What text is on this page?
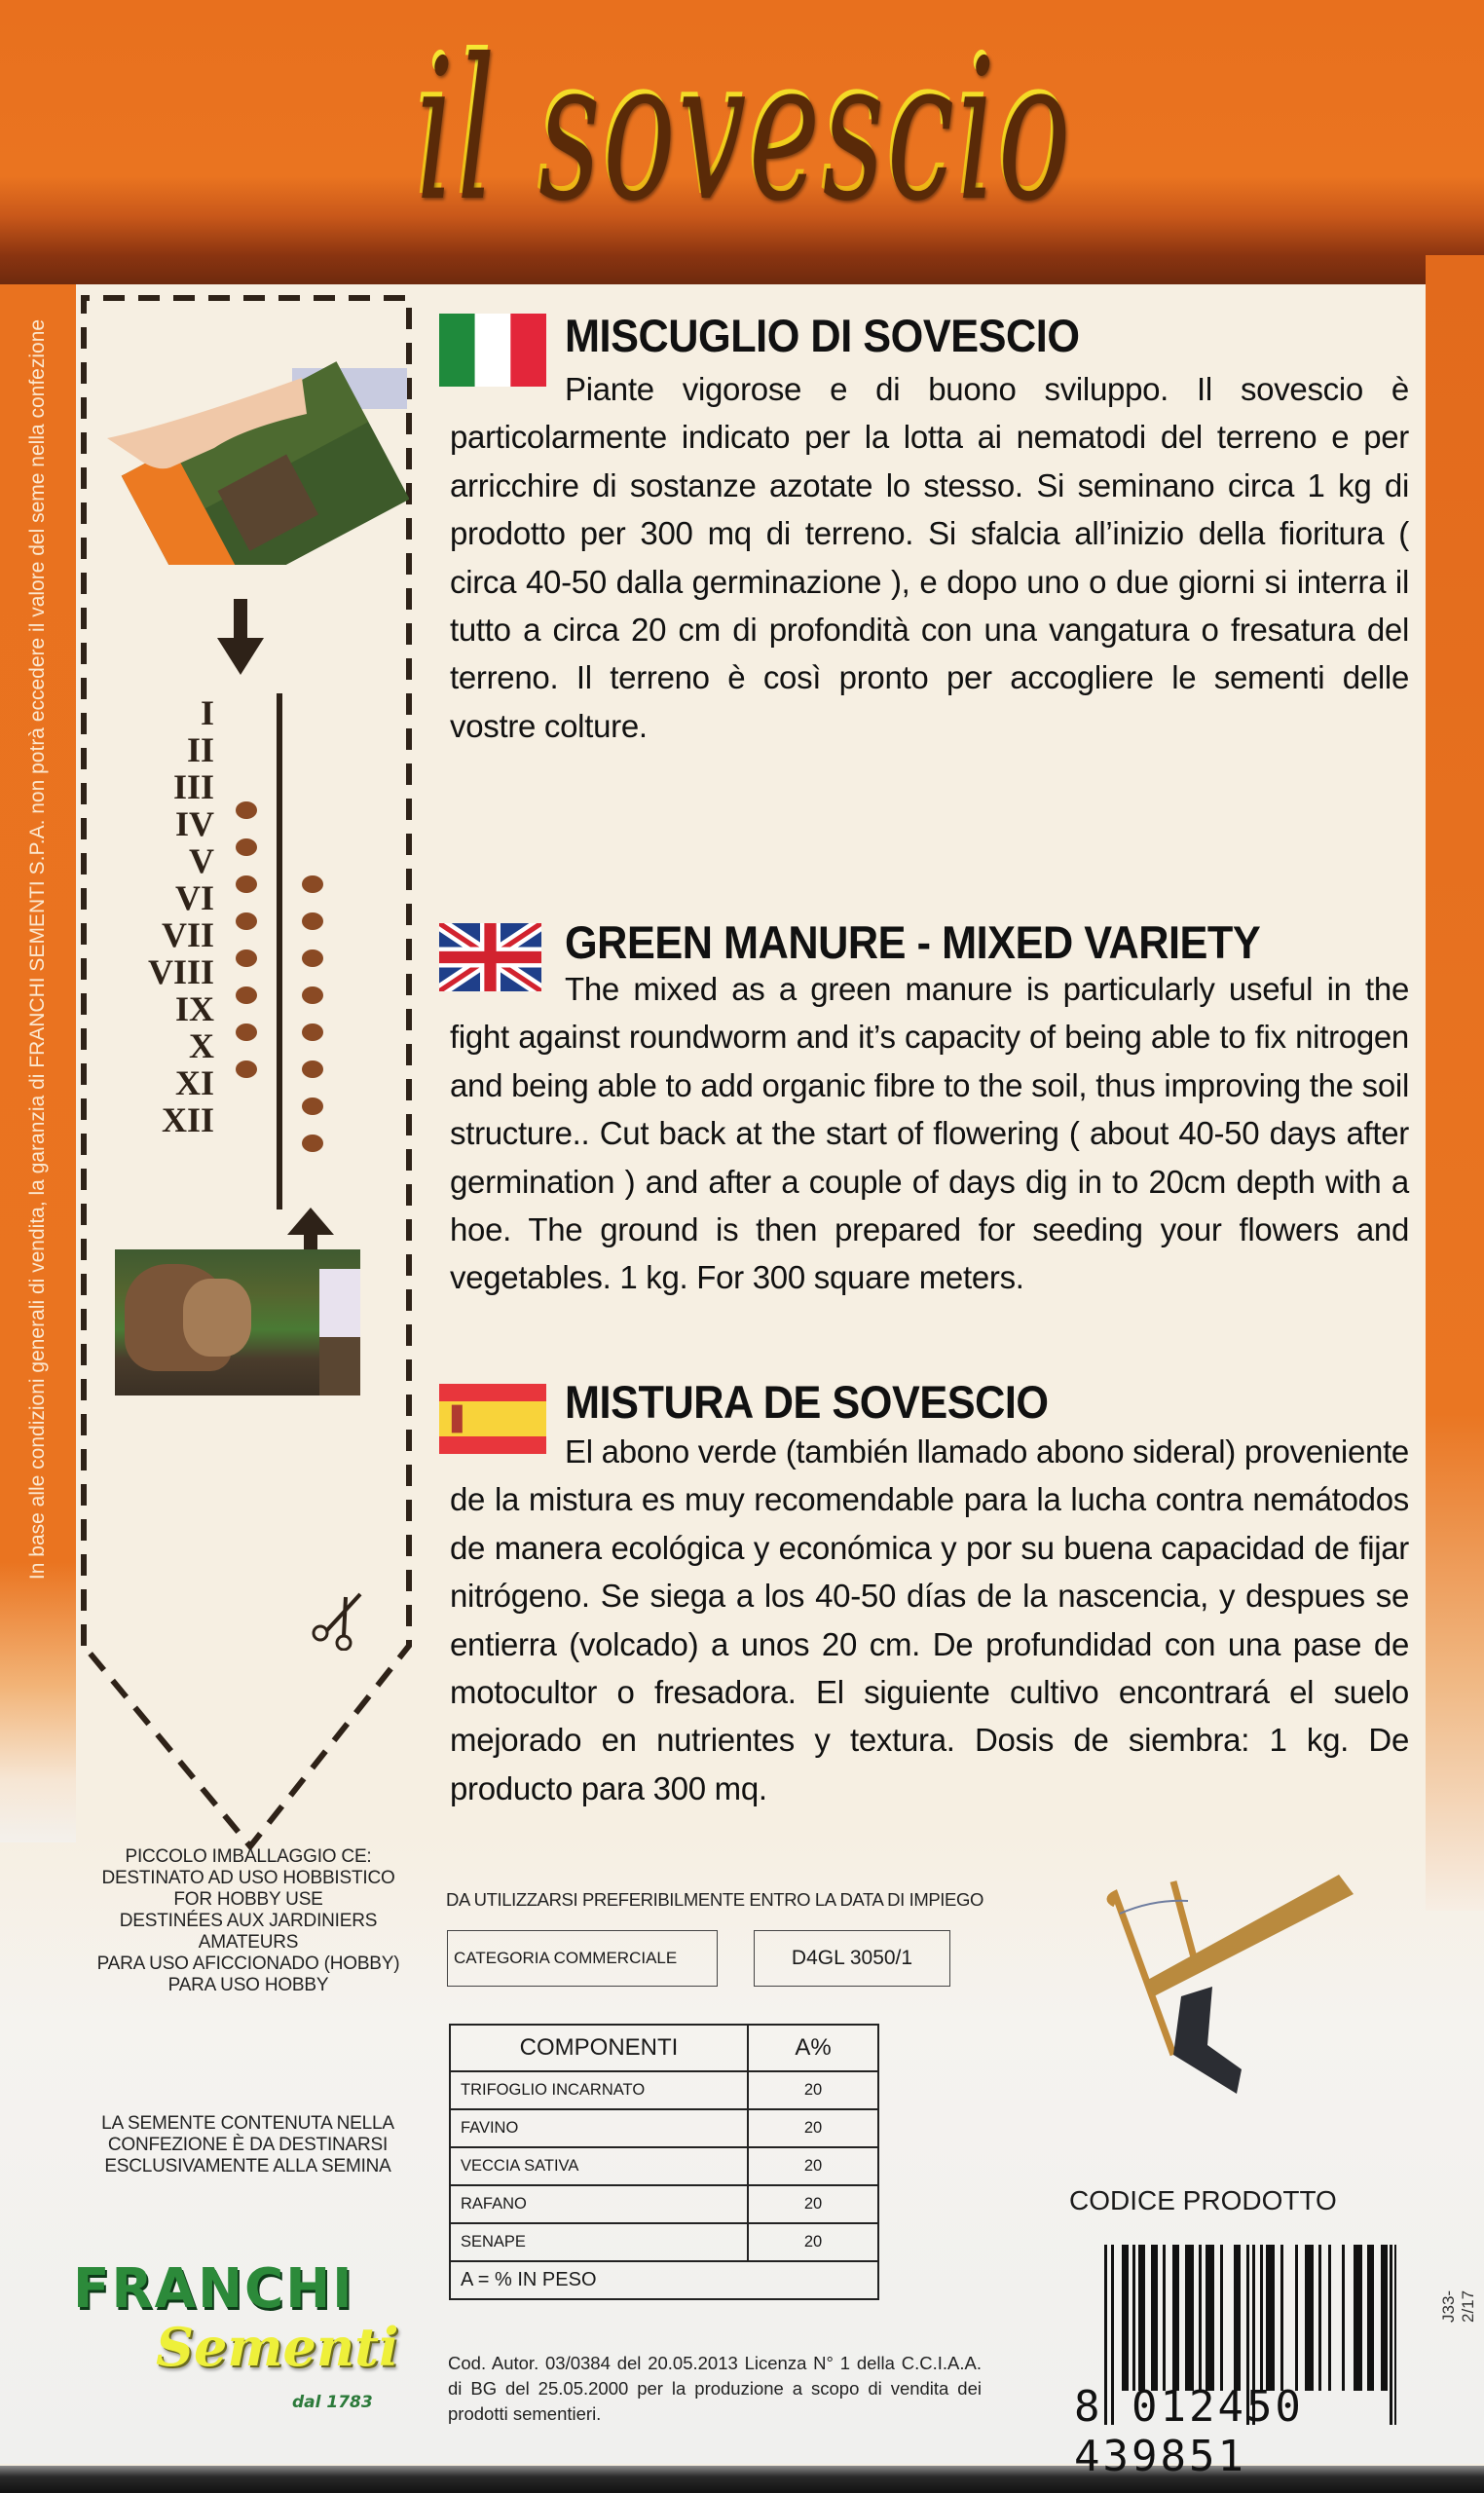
il sovescio
In base alle condizioni generali di vendita, la garanzia di FRANCHI SEMENTI S.P.A. non potrà eccedere il valore del seme nella confezione	I
II
III
IV
V
VI
VII
VIII
IX
X
XI
XII
MISCUGLIO DI SOVESCIO
Piante vigorose e di buono sviluppo. Il sovescio è particolarmente indicato per la lotta ai nematodi del terreno e per arricchire di sostanze azotate lo stesso. Si seminano circa 1 kg di prodotto per 300 mq di terreno. Si sfalcia all’inizio della fioritura ( circa 40-50 dalla germinazione ), e dopo uno o due giorni si interra il tutto a circa 20 cm di profondità con una vangatura o fresatura del terreno. Il terreno è così pronto per accogliere le sementi delle vostre colture.
GREEN MANURE - MIXED VARIETY
The mixed as a green manure is particularly useful in the fight against roundworm and it’s capacity of being able to fix nitrogen and being able to add organic fibre to the soil, thus improving the soil structure.. Cut back at the start of flowering ( about 40-50 days after germination ) and after a couple of days dig in to 20cm depth with a hoe. The ground is then prepared for seeding your flowers and vegetables. 1 kg. For 300 square meters.
MISTURA DE SOVESCIO
El abono verde (también llamado abono sideral) proveniente de la mistura es muy recomendable para la lucha contra nemátodos de manera ecológica y económica y por su buena capacidad de fijar nitrógeno. Se siega a los 40-50 días de la nascencia, y despues se entierra (volcado) a unos 20 cm. De profundidad con una pase de motocultor o fresadora. El siguiente cultivo encontrará el suelo mejorado en nutrientes y textura. Dosis de siembra: 1 kg. De producto para 300 mq.
PICCOLO IMBALLAGGIO CE:
DESTINATO AD USO HOBBISTICO
FOR HOBBY USE
DESTINÉES AUX JARDINIERS AMATEURS
PARA USO AFICCIONADO (HOBBY)
PARA USO HOBBY
LA SEMENTE CONTENUTA NELLA
CONFEZIONE È DA DESTINARSI
ESCLUSIVAMENTE ALLA SEMINA
FRANCHI
Sementi
dal 1783
DA UTILIZZARSI PREFERIBILMENTE ENTRO LA DATA DI IMPIEGO
CATEGORIA COMMERCIALE	D4GL 3050/1
COMPONENTI	A%
TRIFOGLIO INCARNATO	20
FAVINO	20
VECCIA SATIVA	20
RAFANO	20
SENAPE	20
A = % IN PESO	
Cod. Autor. 03/0384 del 20.05.2013 Licenza N° 1 della C.C.I.A.A. di BG del 25.05.2000 per la produzione a scopo di vendita dei prodotti sementieri.
CODICE PRODOTTO
8 012450 439851
J33-2/17
